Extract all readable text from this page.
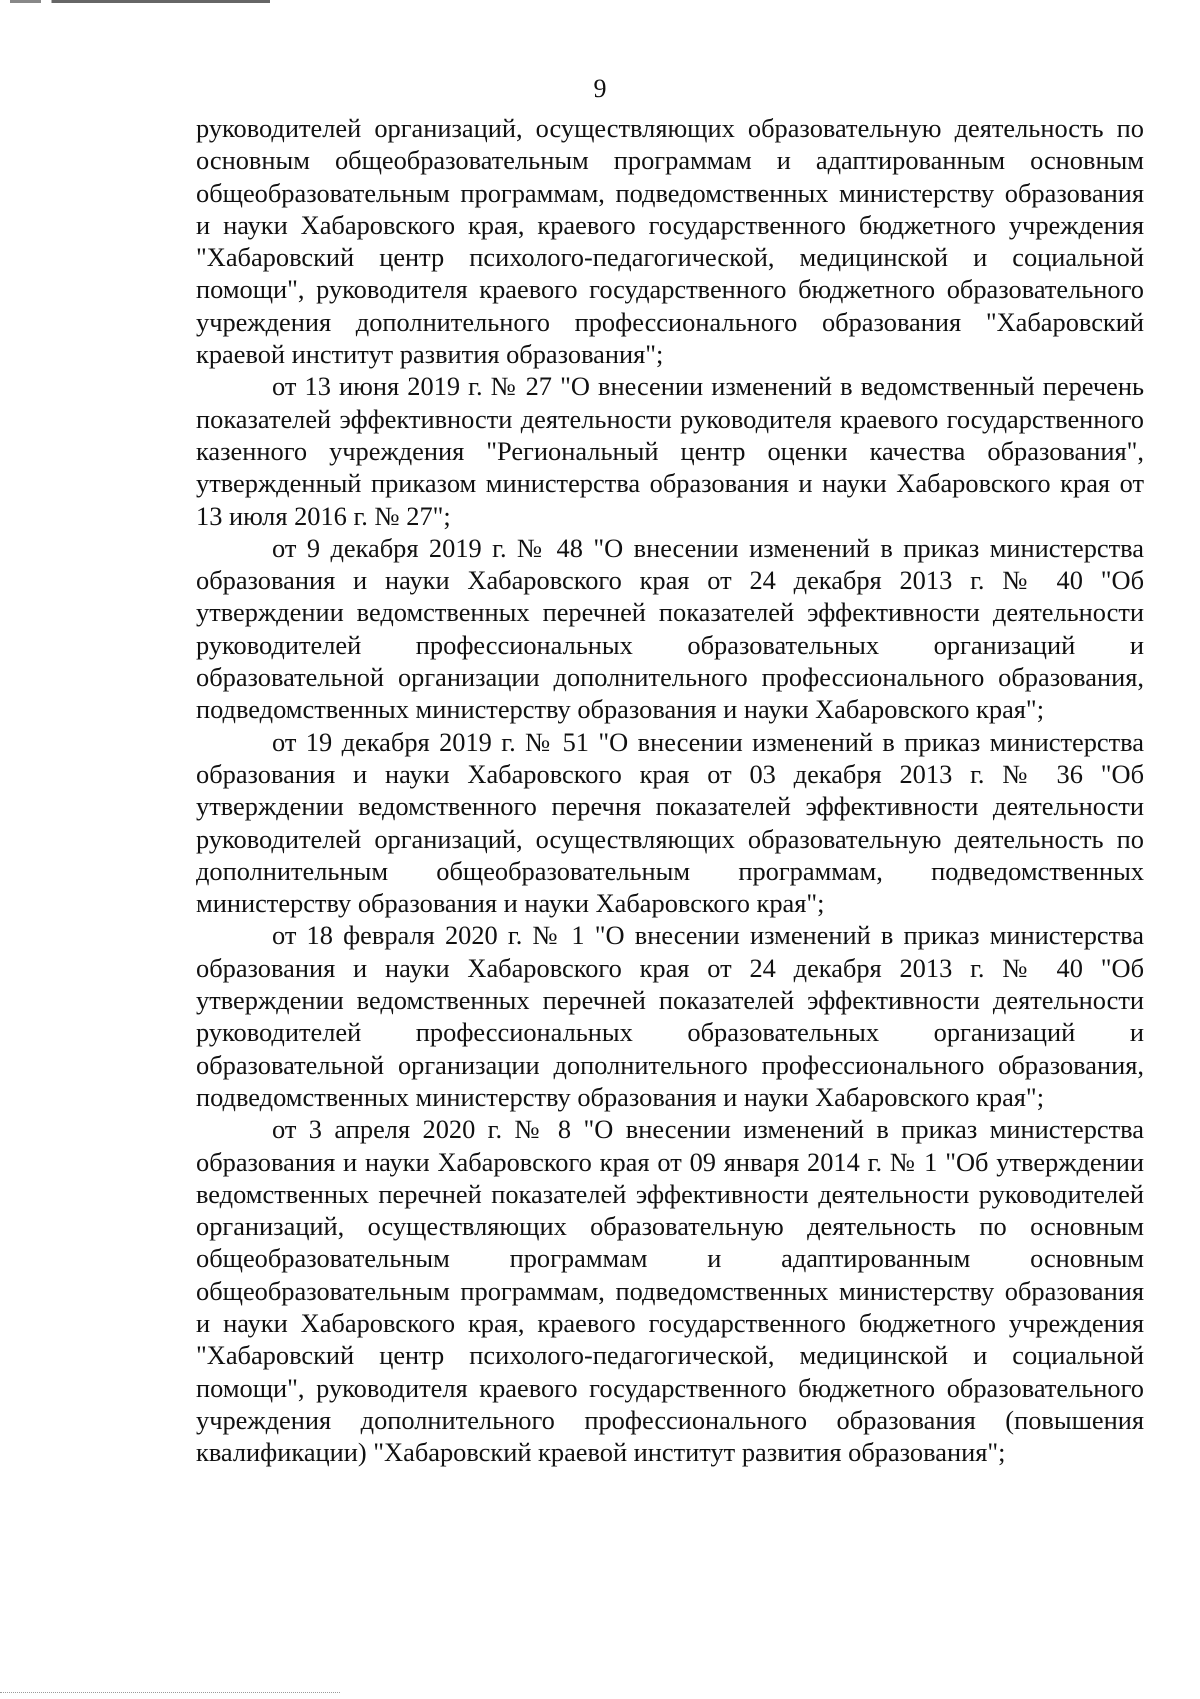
9

руководителей организаций, осуществляющих образовательную деятельность по основным общеобразовательным программам и адаптированным основным общеобразовательным программам, подведомственных министерству образования и науки Хабаровского края, краевого государственного бюджетного учреждения "Хабаровский центр психолого-педагогической, медицинской и социальной помощи", руководителя краевого государственного бюджетного образовательного учреждения дополнительного профессионального образования "Хабаровский краевой институт развития образования";

от 13 июня 2019 г. № 27 "О внесении изменений в ведомственный перечень показателей эффективности деятельности руководителя краевого государственного казенного учреждения "Региональный центр оценки качества образования", утвержденный приказом министерства образования и науки Хабаровского края от 13 июля 2016 г. № 27";

от 9 декабря 2019 г. № 48 "О внесении изменений в приказ министерства образования и науки Хабаровского края от 24 декабря 2013 г. № 40 "Об утверждении ведомственных перечней показателей эффективности деятельности руководителей профессиональных образовательных организаций и образовательной организации дополнительного профессионального образования, подведомственных министерству образования и науки Хабаровского края";

от 19 декабря 2019 г. № 51 "О внесении изменений в приказ министерства образования и науки Хабаровского края от 03 декабря 2013 г. № 36 "Об утверждении ведомственного перечня показателей эффективности деятельности руководителей организаций, осуществляющих образовательную деятельность по дополнительным общеобразовательным программам, подведомственных министерству образования и науки Хабаровского края";

от 18 февраля 2020 г. № 1 "О внесении изменений в приказ министерства образования и науки Хабаровского края от 24 декабря 2013 г. № 40 "Об утверждении ведомственных перечней показателей эффективности деятельности руководителей профессиональных образовательных организаций и образовательной организации дополнительного профессионального образования, подведомственных министерству образования и науки Хабаровского края";

от 3 апреля 2020 г. № 8 "О внесении изменений в приказ министерства образования и науки Хабаровского края от 09 января 2014 г. № 1 "Об утверждении ведомственных перечней показателей эффективности деятельности руководителей организаций, осуществляющих образовательную деятельность по основным общеобразовательным программам и адаптированным основным общеобразовательным программам, подведомственных министерству образования и науки Хабаровского края, краевого государственного бюджетного учреждения "Хабаровский центр психолого-педагогической, медицинской и социальной помощи", руководителя краевого государственного бюджетного образовательного учреждения дополнительного профессионального образования (повышения квалификации) "Хабаровский краевой институт развития образования";
